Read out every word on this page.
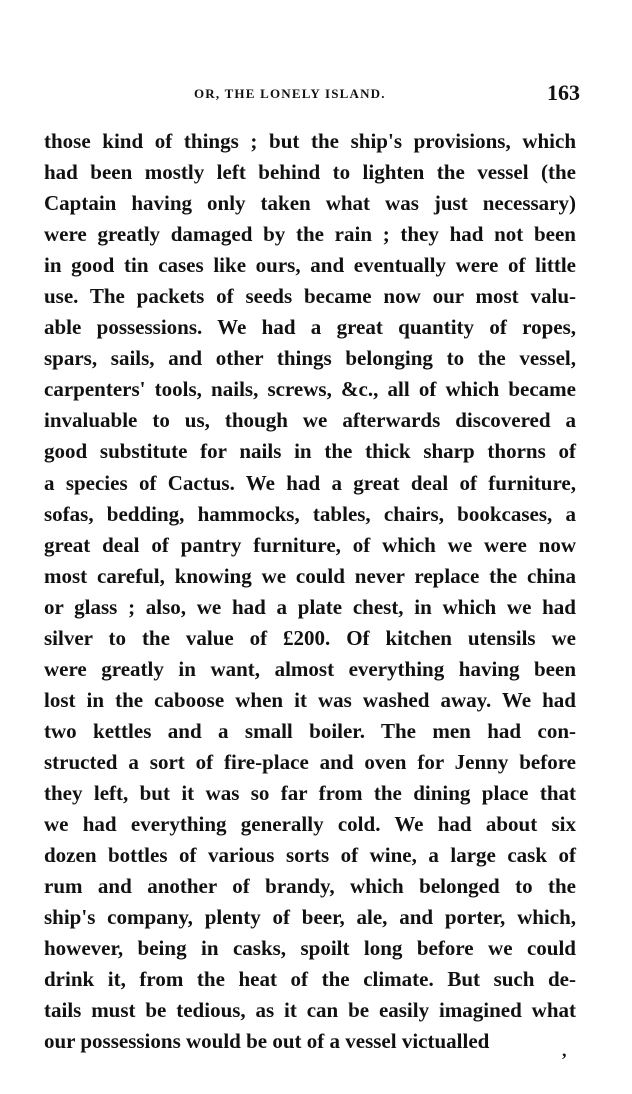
OR, THE LONELY ISLAND.	163
those kind of things ; but the ship's provisions, which
had been mostly left behind to lighten the vessel (the
Captain having only taken what was just necessary)
were greatly damaged by the rain ; they had not been
in good tin cases like ours, and eventually were of little
use. The packets of seeds became now our most valu-
able possessions. We had a great quantity of ropes,
spars, sails, and other things belonging to the vessel,
carpenters' tools, nails, screws, &c., all of which became
invaluable to us, though we afterwards discovered a
good substitute for nails in the thick sharp thorns of
a species of Cactus. We had a great deal of furniture,
sofas, bedding, hammocks, tables, chairs, bookcases, a
great deal of pantry furniture, of which we were now
most careful, knowing we could never replace the china
or glass ; also, we had a plate chest, in which we had
silver to the value of £200. Of kitchen utensils we
were greatly in want, almost everything having been
lost in the caboose when it was washed away. We had
two kettles and a small boiler. The men had con-
structed a sort of fire-place and oven for Jenny before
they left, but it was so far from the dining place that
we had everything generally cold. We had about six
dozen bottles of various sorts of wine, a large cask of
rum and another of brandy, which belonged to the
ship's company, plenty of beer, ale, and porter, which,
however, being in casks, spoilt long before we could
drink it, from the heat of the climate. But such de-
tails must be tedious, as it can be easily imagined what
our possessions would be out of a vessel victualled	,
